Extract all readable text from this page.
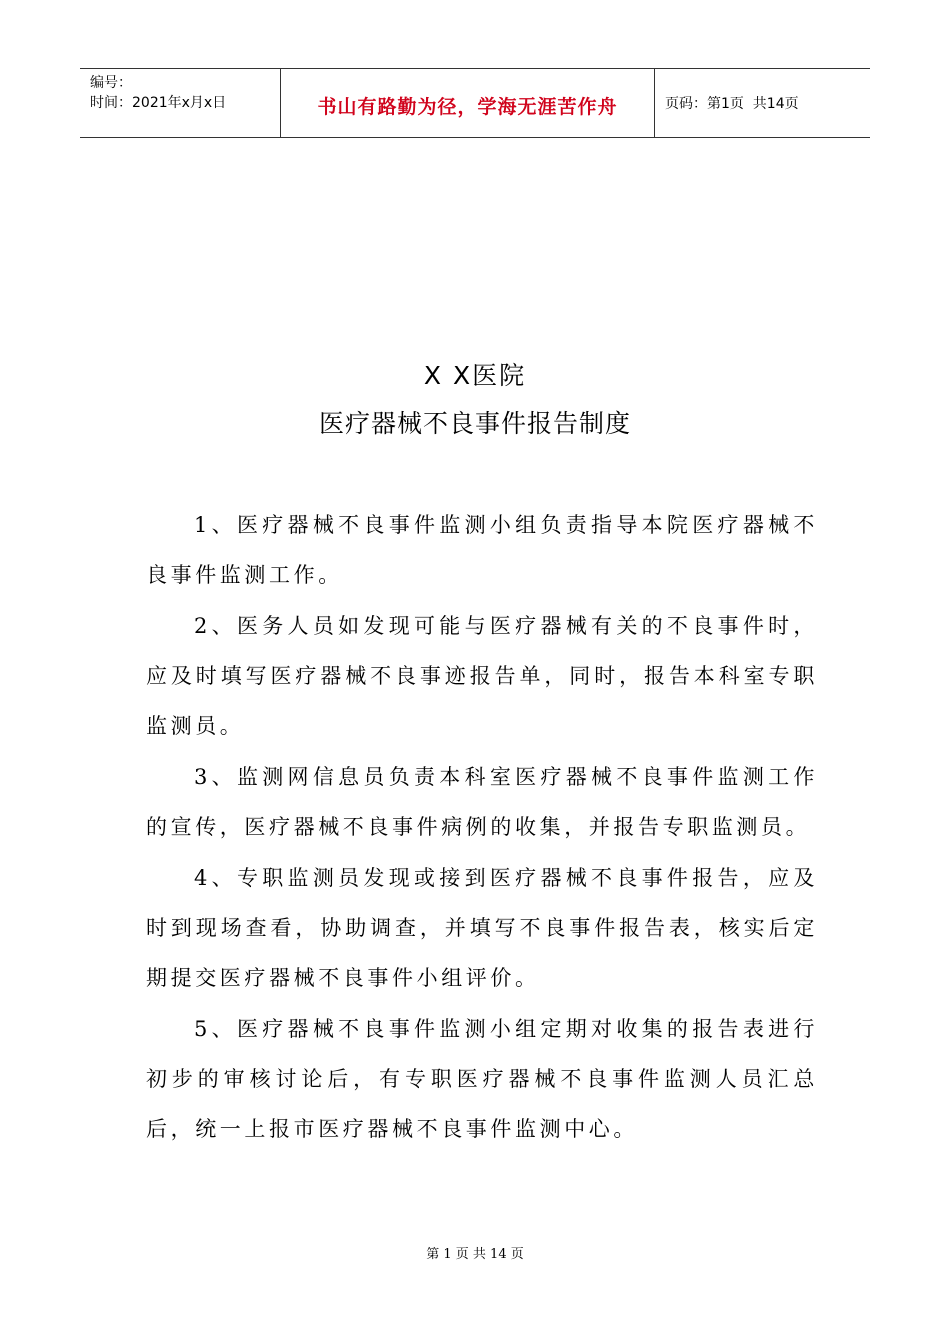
编号：
时间：2021年x月x日	书山有路勤为径，学海无涯苦作舟	页码：第1页  共14页
X X医院
医疗器械不良事件报告制度

1、医疗器械不良事件监测小组负责指导本院医疗器械不良事件监测工作。

2、医务人员如发现可能与医疗器械有关的不良事件时，应及时填写医疗器械不良事迹报告单，同时，报告本科室专职监测员。

3、监测网信息员负责本科室医疗器械不良事件监测工作的宣传，医疗器械不良事件病例的收集，并报告专职监测员。

4、专职监测员发现或接到医疗器械不良事件报告，应及时到现场查看，协助调查，并填写不良事件报告表，核实后定期提交医疗器械不良事件小组评价。

5、医疗器械不良事件监测小组定期对收集的报告表进行初步的审核讨论后，有专职医疗器械不良事件监测人员汇总后，统一上报市医疗器械不良事件监测中心。

第 1 页 共 14 页
